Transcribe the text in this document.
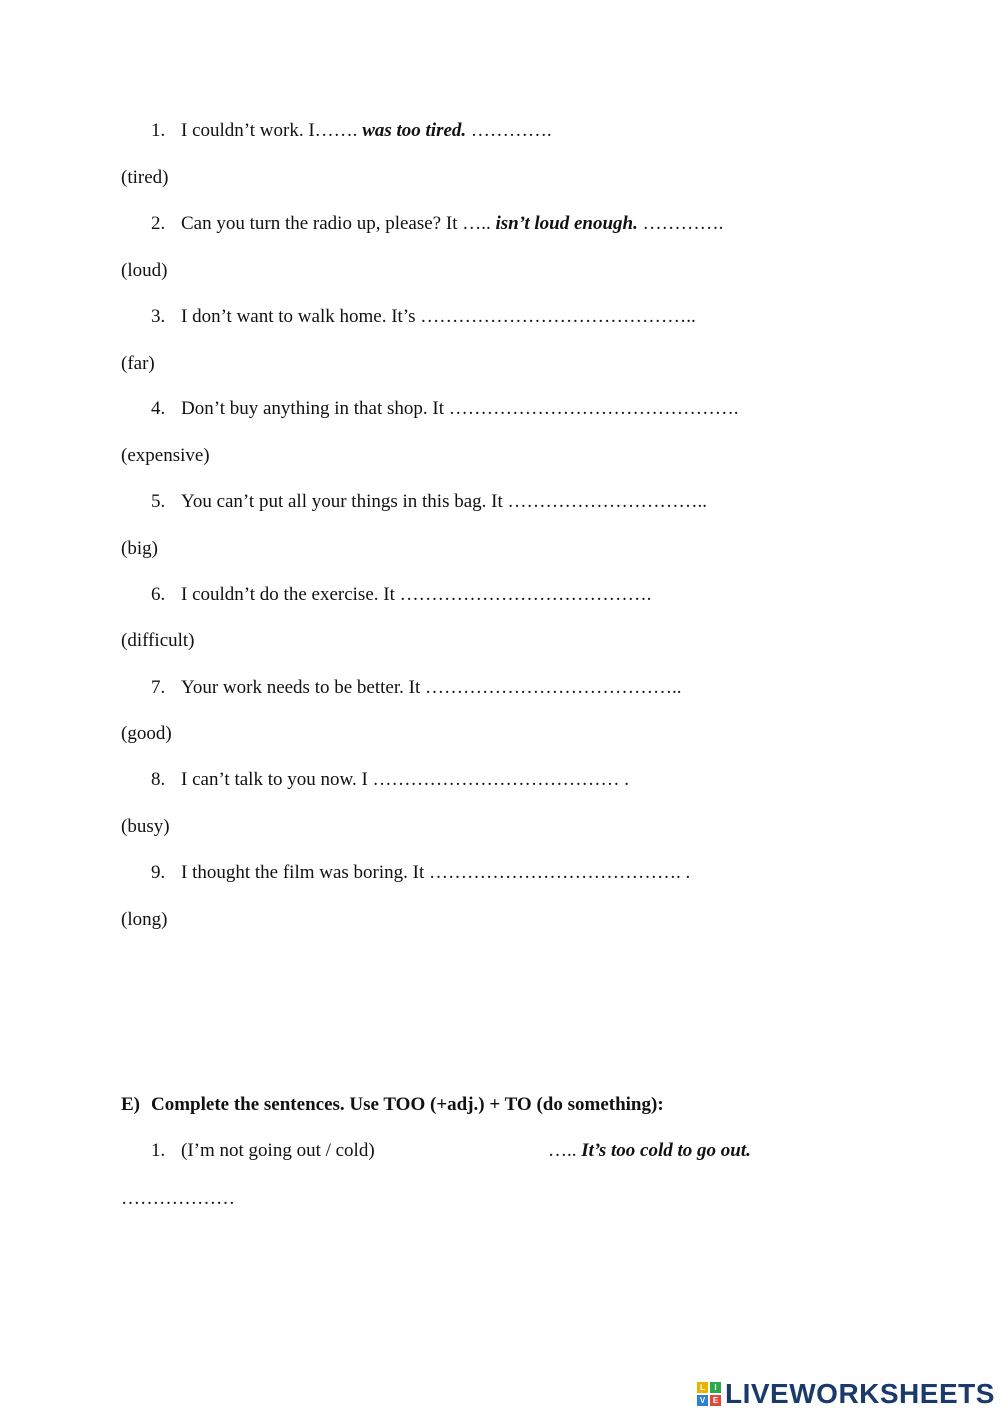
1. I couldn’t work. I……. was too tired. ………….
(tired)
2. Can you turn the radio up, please? It ….. isn’t loud enough. ………….
(loud)
3. I don’t want to walk home. It’s ……………………………………..
(far)
4. Don’t buy anything in that shop. It ……………………………………….
(expensive)
5. You can’t put all your things in this bag. It …………………………..
(big)
6. I couldn’t do the exercise. It ………………………………….
(difficult)
7. Your work needs to be better. It …………………………………..
(good)
8. I can’t talk to you now. I ………………………………… .
(busy)
9. I thought the film was boring. It …………………………………. .
(long)
E) Complete the sentences. Use TOO (+adj.) + TO (do something):
1. (I’m not going out / cold)	….. It’s too cold to go out.
………………
L	I
V E LIVEWORKSHEETS
